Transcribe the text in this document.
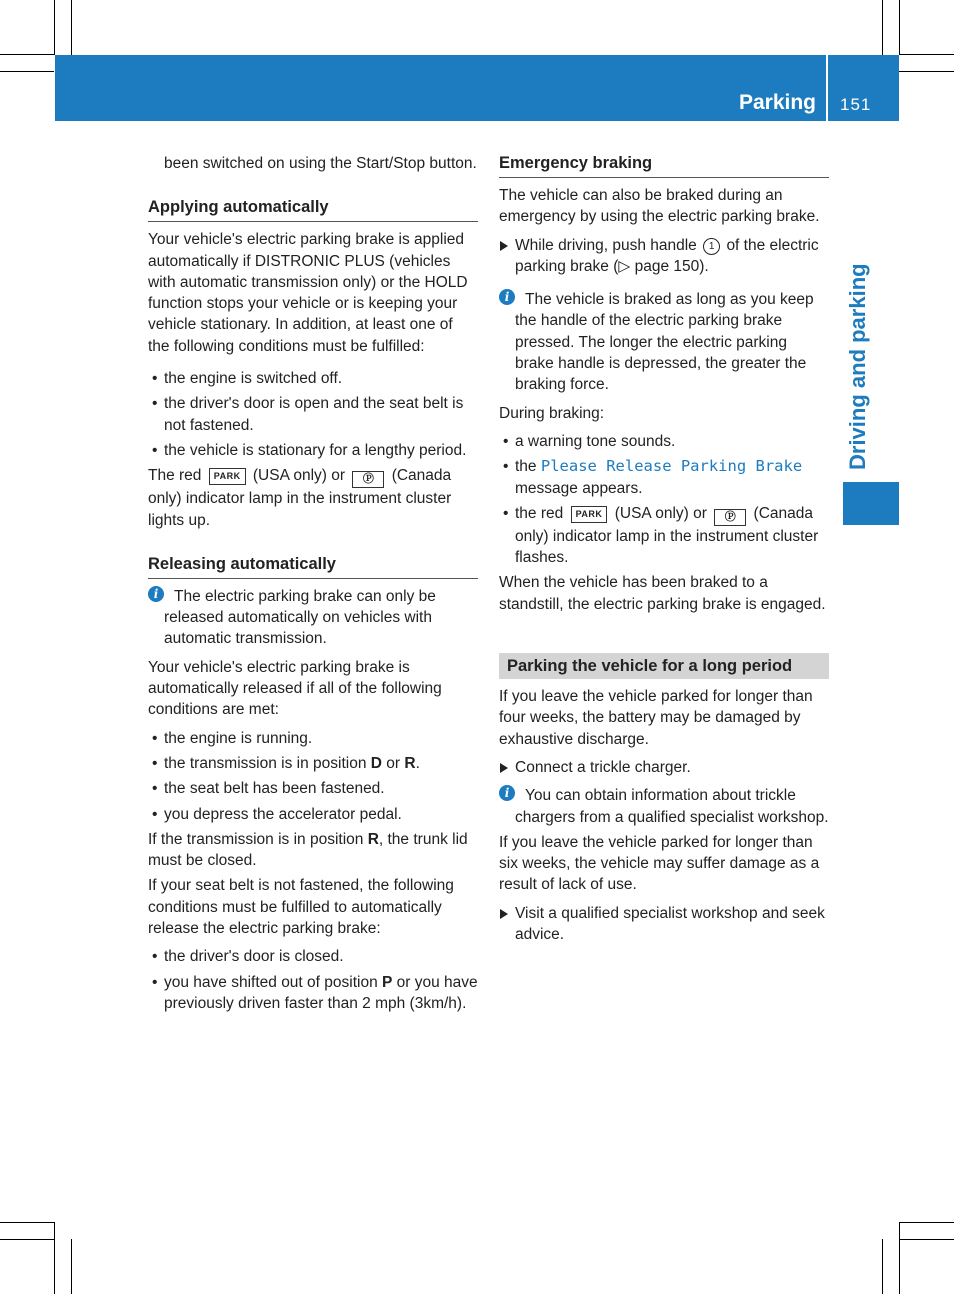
Parking 151
Driving and parking

been switched on using the Start/Stop button.

Applying automatically

Your vehicle's electric parking brake is applied automatically if DISTRONIC PLUS (vehicles with automatic transmission only) or the HOLD function stops your vehicle or is keeping your vehicle stationary. In addition, at least one of the following conditions must be fulfilled:

• the engine is switched off.

• the driver's door is open and the seat belt is not fastened.

• the vehicle is stationary for a lengthy period.

The red PARK (USA only) or Ⓟ (Canada only) indicator lamp in the instrument cluster lights up.

Releasing automatically

i	The electric parking brake can only be released automatically on vehicles with automatic transmission.

Your vehicle's electric parking brake is automatically released if all of the following conditions are met:

• the engine is running.

• the transmission is in position D or R.

• the seat belt has been fastened.

• you depress the accelerator pedal.

If the transmission is in position R, the trunk lid must be closed.

If your seat belt is not fastened, the following conditions must be fulfilled to automatically release the electric parking brake:

• the driver's door is closed.

• you have shifted out of position P or you have previously driven faster than 2 mph (3km/h).

Emergency braking

The vehicle can also be braked during an emergency by using the electric parking brake.

While driving, push handle 1 of the electric parking brake (▷ page 150).

i	The vehicle is braked as long as you keep the handle of the electric parking brake pressed. The longer the electric parking brake handle is depressed, the greater the braking force.

During braking:

• a warning tone sounds.

• the Please Release Parking Brake message appears.

• the red PARK (USA only) or Ⓟ (Canada only) indicator lamp in the instrument cluster flashes.

When the vehicle has been braked to a standstill, the electric parking brake is engaged.

Parking the vehicle for a long period

If you leave the vehicle parked for longer than four weeks, the battery may be damaged by exhaustive discharge.

Connect a trickle charger.

i	You can obtain information about trickle chargers from a qualified specialist workshop.

If you leave the vehicle parked for longer than six weeks, the vehicle may suffer damage as a result of lack of use.

Visit a qualified specialist workshop and seek advice.
